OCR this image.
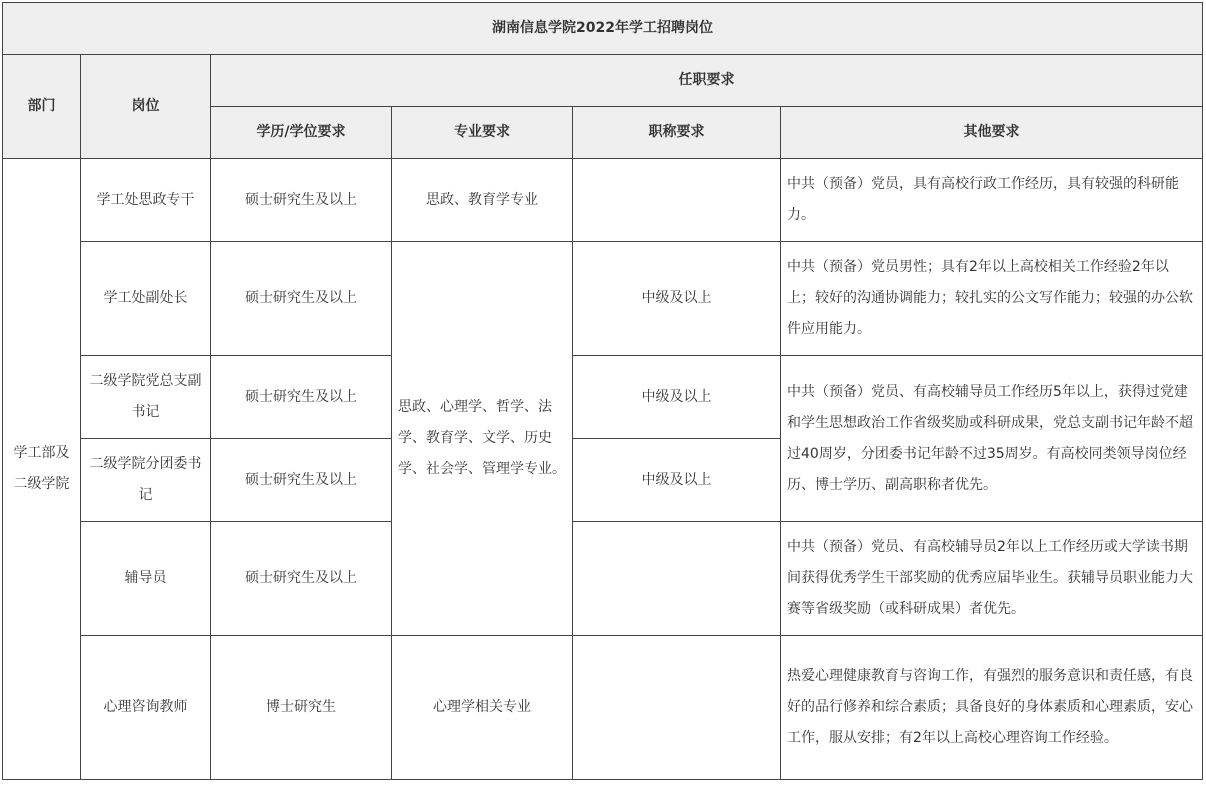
湖南信息学院2022年学工招聘岗位					
部门	岗位	任职要求			
		学历/学位要求	专业要求	职称要求	其他要求
学工部及二级学院	学工处思政专干	硕士研究生及以上	思政、教育学专业		中共（预备）党员，具有高校行政工作经历，具有较强的科研能力。
	学工处副处长	硕士研究生及以上	思政、心理学、哲学、法学、教育学、文学、历史学、社会学、管理学专业。	中级及以上	中共（预备）党员男性；具有2年以上高校相关工作经验2年以上；较好的沟通协调能力；较扎实的公文写作能力；较强的办公软件应用能力。
	二级学院党总支副书记	硕士研究生及以上		中级及以上	中共（预备）党员、有高校辅导员工作经历5年以上，获得过党建和学生思想政治工作省级奖励或科研成果，党总支副书记年龄不超过40周岁，分团委书记年龄不过35周岁。有高校同类领导岗位经历、博士学历、副高职称者优先。
	二级学院分团委书记	硕士研究生及以上		中级及以上	
	辅导员	硕士研究生及以上			中共（预备）党员、有高校辅导员2年以上工作经历或大学读书期间获得优秀学生干部奖励的优秀应届毕业生。获辅导员职业能力大赛等省级奖励（或科研成果）者优先。
	心理咨询教师	博士研究生	心理学相关专业		热爱心理健康教育与咨询工作，有强烈的服务意识和责任感，有良好的品行修养和综合素质；具备良好的身体素质和心理素质，安心工作，服从安排；有2年以上高校心理咨询工作经验。
